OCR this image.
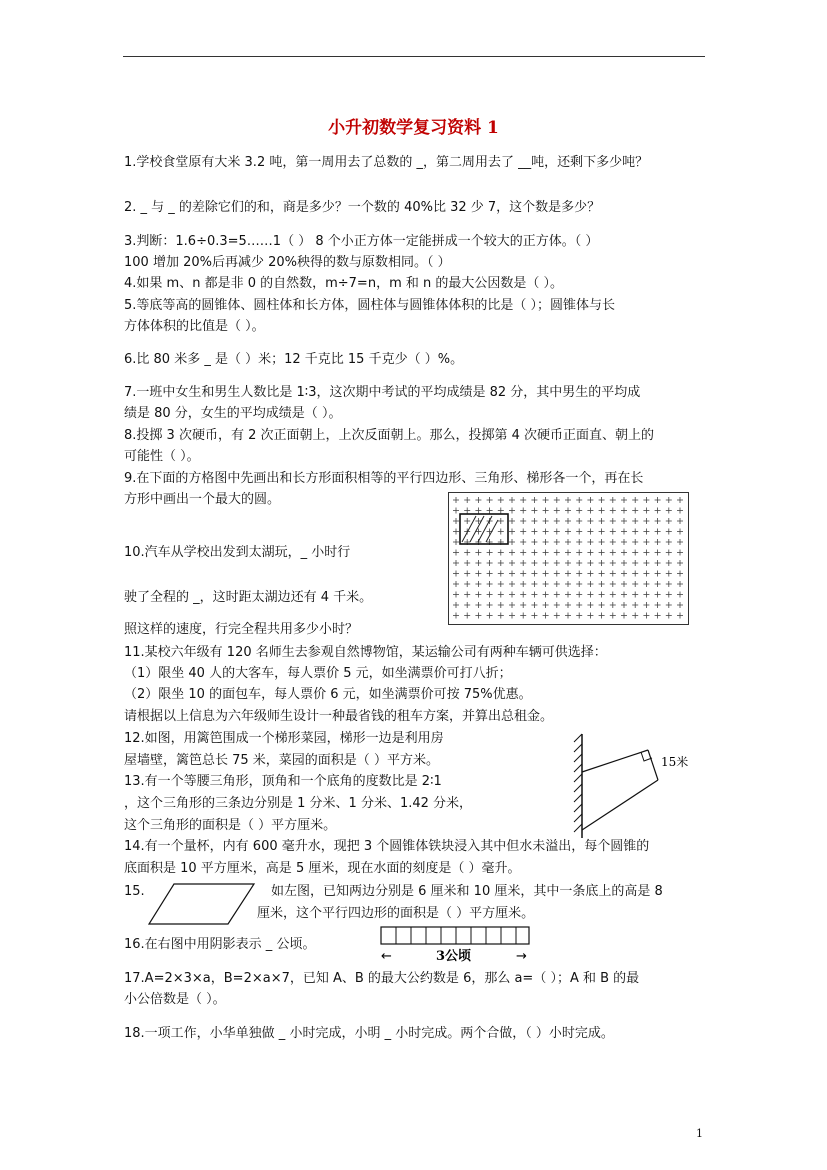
小升初数学复习资料 1
1.学校食堂原有大米 3.2 吨，第一周用去了总数的 _，第二周用去了 __吨，还剩下多少吨？
2. _ 与 _ 的差除它们的和，商是多少？一个数的 40%比 32 少 7，这个数是多少？
3.判断：1.6÷0.3=5……1（ ） 8 个小正方体一定能拼成一个较大的正方体。（ ）
100 增加 20%后再减少 20%秧得的数与原数相同。（ ）
4.如果 m、n 都是非 0 的自然数，m÷7=n，m 和 n 的最大公因数是（ ）。
5.等底等高的圆锥体、圆柱体和长方体，圆柱体与圆锥体体积的比是（ ）；圆锥体与长
方体体积的比值是（ ）。
6.比 80 米多 _ 是（ ）米；12 千克比 15 千克少（ ）%。
7.一班中女生和男生人数比是 1∶3，这次期中考试的平均成绩是 82 分，其中男生的平均成
绩是 80 分，女生的平均成绩是（ ）。
8.投掷 3 次硬币，有 2 次正面朝上，上次反面朝上。那么，投掷第 4 次硬币正面直、朝上的
可能性（ ）。
9.在下面的方格图中先画出和长方形面积相等的平行四边形、三角形、梯形各一个，再在长
方形中画出一个最大的圆。
10.汽车从学校出发到太湖玩，_ 小时行
驶了全程的 _，这时距太湖边还有 4 千米。
照这样的速度，行完全程共用多少小时？
11.某校六年级有 120 名师生去参观自然博物馆，某运输公司有两种车辆可供选择：
（1）限坐 40 人的大客车，每人票价 5 元，如坐满票价可打八折；
（2）限坐 10 的面包车，每人票价 6 元，如坐满票价可按 75%优惠。
请根据以上信息为六年级师生设计一种最省钱的租车方案，并算出总租金。
12.如图，用篱笆围成一个梯形菜园，梯形一边是利用房
屋墙壁，篱笆总长 75 米，菜园的面积是（ ）平方米。
13.有一个等腰三角形，顶角和一个底角的度数比是 2∶1
，这个三角形的三条边分别是 1 分米、1 分米、1.42 分米，
这个三角形的面积是（ ）平方厘米。
14.有一个量杯，内有 600 毫升水，现把 3 个圆锥体铁块浸入其中但水未溢出，每个圆锥的
底面积是 10 平方厘米，高是 5 厘米，现在水面的刻度是（ ）毫升。
15.	如左图，已知两边分别是 6 厘米和 10 厘米，其中一条底上的高是 8
厘米，这个平行四边形的面积是（ ）平方厘米。
16.在右图中用阴影表示 _ 公顷。
17.A=2×3×a，B=2×a×7，已知 A、B 的最大公约数是 6，那么 a=（ ）；A 和 B 的最
小公倍数是（ ）。
18.一项工作，小华单独做 _ 小时完成，小明 _ 小时完成。两个合做，（ ）小时完成。
15米
←	3公顷	→
1
